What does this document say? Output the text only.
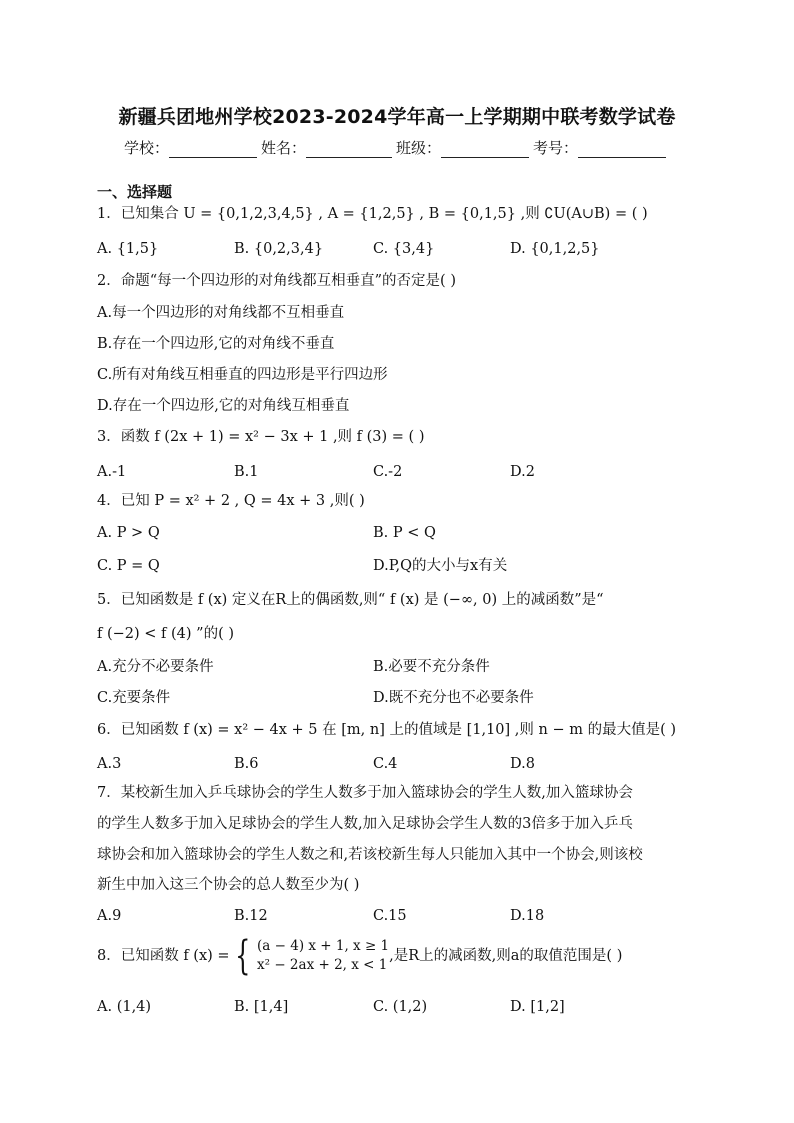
新疆兵团地州学校2023-2024学年高一上学期期中联考数学试卷
学校：	姓名：	班级：	考号：
一、选择题
1．已知集合 U = {0,1,2,3,4,5} , A = {1,2,5} , B = {0,1,5} ,则 ∁U(A∪B) = ( )
A. {1,5}	B. {0,2,3,4}	C. {3,4}	D. {0,1,2,5}
2．命题“每一个四边形的对角线都互相垂直”的否定是( )
A.每一个四边形的对角线都不互相垂直
B.存在一个四边形,它的对角线不垂直
C.所有对角线互相垂直的四边形是平行四边形
D.存在一个四边形,它的对角线互相垂直
3．函数 f (2x + 1) = x² − 3x + 1 ,则 f (3) = ( )
A.-1	B.1	C.-2	D.2
4．已知 P = x² + 2 , Q = 4x + 3 ,则( )
A. P > Q	B. P < Q
C. P = Q	D.P,Q的大小与x有关
5．已知函数是 f (x) 定义在R上的偶函数,则“ f (x) 是 (−∞, 0) 上的减函数”是“
f (−2) < f (4) ”的( )
A.充分不必要条件	B.必要不充分条件
C.充要条件	D.既不充分也不必要条件
6．已知函数 f (x) = x² − 4x + 5 在 [m, n] 上的值域是 [1,10] ,则 n − m 的最大值是( )
A.3	B.6	C.4	D.8
7．某校新生加入乒乓球协会的学生人数多于加入篮球协会的学生人数,加入篮球协会
的学生人数多于加入足球协会的学生人数,加入足球协会学生人数的3倍多于加入乒乓
球协会和加入篮球协会的学生人数之和,若该校新生每人只能加入其中一个协会,则该校
新生中加入这三个协会的总人数至少为( )
A.9	B.12	C.15	D.18
8．已知函数 f (x) = { (a − 4) x + 1, x ≥ 1
x² − 2ax + 2, x < 1
,是R上的减函数,则a的取值范围是( )
A. (1,4)	B. [1,4]	C. (1,2)	D. [1,2]
